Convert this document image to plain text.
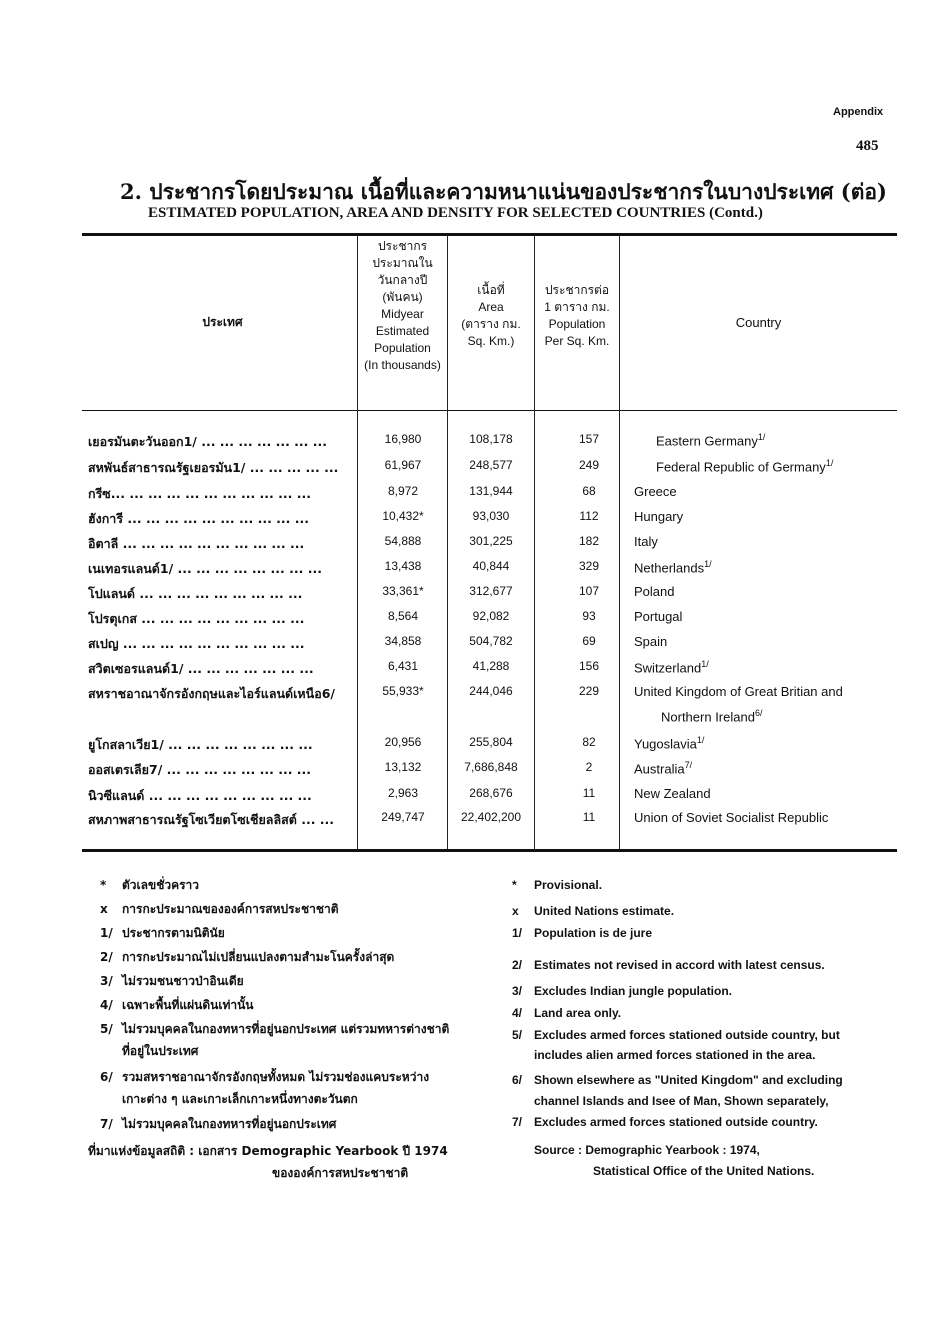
Appendix
485
2. ประชากรโดยประมาณ เนื้อที่และความหนาแน่นของประชากรในบางประเทศ (ต่อ)
ESTIMATED POPULATION, AREA AND DENSITY FOR SELECTED COUNTRIES (Contd.)
ประเทศ
ประชากร
ประมาณใน
วันกลางปี
(พันคน)
Midyear
Estimated
Population
(In thousands)
เนื้อที่
Area
(ตาราง กม.
Sq. Km.)
ประชากรต่อ
1 ตาราง กม.
Population
Per Sq. Km.
Country
เยอรมันตะวันออก1/ ... ... ... ... ... ... ...	16,980	108,178	157	Eastern Germany$^{1/}$
สหพันธ์สาธารณรัฐเยอรมัน1/ ... ... ... ... ...	61,967	248,577	249	Federal Republic of Germany$^{1/}$
กรีซ... ... ... ... ... ... ... ... ... ... ...	8,972	131,944	68	Greece
ฮังการี ... ... ... ... ... ... ... ... ... ...	10,432*	93,030	112	Hungary
อิตาลี ... ... ... ... ... ... ... ... ... ...	54,888	301,225	182	Italy
เนเทอรแลนด์1/ ... ... ... ... ... ... ... ...	13,438	40,844	329	Netherlands$^{1/}$
โปแลนด์ ... ... ... ... ... ... ... ... ...	33,361*	312,677	107	Poland
โปรตุเกส ... ... ... ... ... ... ... ... ...	8,564	92,082	93	Portugal
สเปญ ... ... ... ... ... ... ... ... ... ...	34,858	504,782	69	Spain
สวิตเซอรแลนด์1/ ... ... ... ... ... ... ...	6,431	41,288	156	Switzerland$^{1/}$
สหราชอาณาจักรอังกฤษและไอร์แลนด์เหนือ6/	55,933*	244,046	229	United Kingdom of Great Britian and
Northern Ireland$^{6/}$
ยูโกสลาเวีย1/ ... ... ... ... ... ... ... ...	20,956	255,804	82	Yugoslavia$^{1/}$
ออสเตรเลีย7/ ... ... ... ... ... ... ... ...	13,132	7,686,848	2	Australia$^{7/}$
นิวซีแลนด์ ... ... ... ... ... ... ... ... ...	2,963	268,676	11	New Zealand
สหภาพสาธารณรัฐโซเวียตโซเชียลลิสต์ ... ...	249,747	22,402,200	11	Union of Soviet Socialist Republic
* ตัวเลขชั่วคราว
x การกะประมาณขององค์การสหประชาชาติ
1/ ประชากรตามนิตินัย
2/ การกะประมาณไม่เปลี่ยนแปลงตามสำมะโนครั้งล่าสุด
3/ ไม่รวมชนชาวป่าอินเดีย
4/ เฉพาะพื้นที่แผ่นดินเท่านั้น
5/ ไม่รวมบุคคลในกองทหารที่อยู่นอกประเทศ แต่รวมทหารต่างชาติ
ที่อยู่ในประเทศ
6/ รวมสหราชอาณาจักรอังกฤษทั้งหมด ไม่รวมช่องแคบระหว่าง
เกาะต่าง ๆ และเกาะเล็กเกาะหนึ่งทางตะวันตก
7/ ไม่รวมบุคคลในกองทหารที่อยู่นอกประเทศ
ที่มาแห่งข้อมูลสถิติ : เอกสาร Demographic Yearbook ปี 1974
ขององค์การสหประชาชาติ
* Provisional.
x United Nations estimate.
1/ Population is de jure
2/ Estimates not revised in accord with latest census.
3/ Excludes Indian jungle population.
4/ Land area only.
5/ Excludes armed forces stationed outside country, but
includes alien armed forces stationed in the area.
6/ Shown elsewhere as "United Kingdom" and excluding
channel Islands and Isee of Man, Shown separately,
7/ Excludes armed forces stationed outside country.
Source : Demographic Yearbook : 1974,
Statistical Office of the United Nations.
